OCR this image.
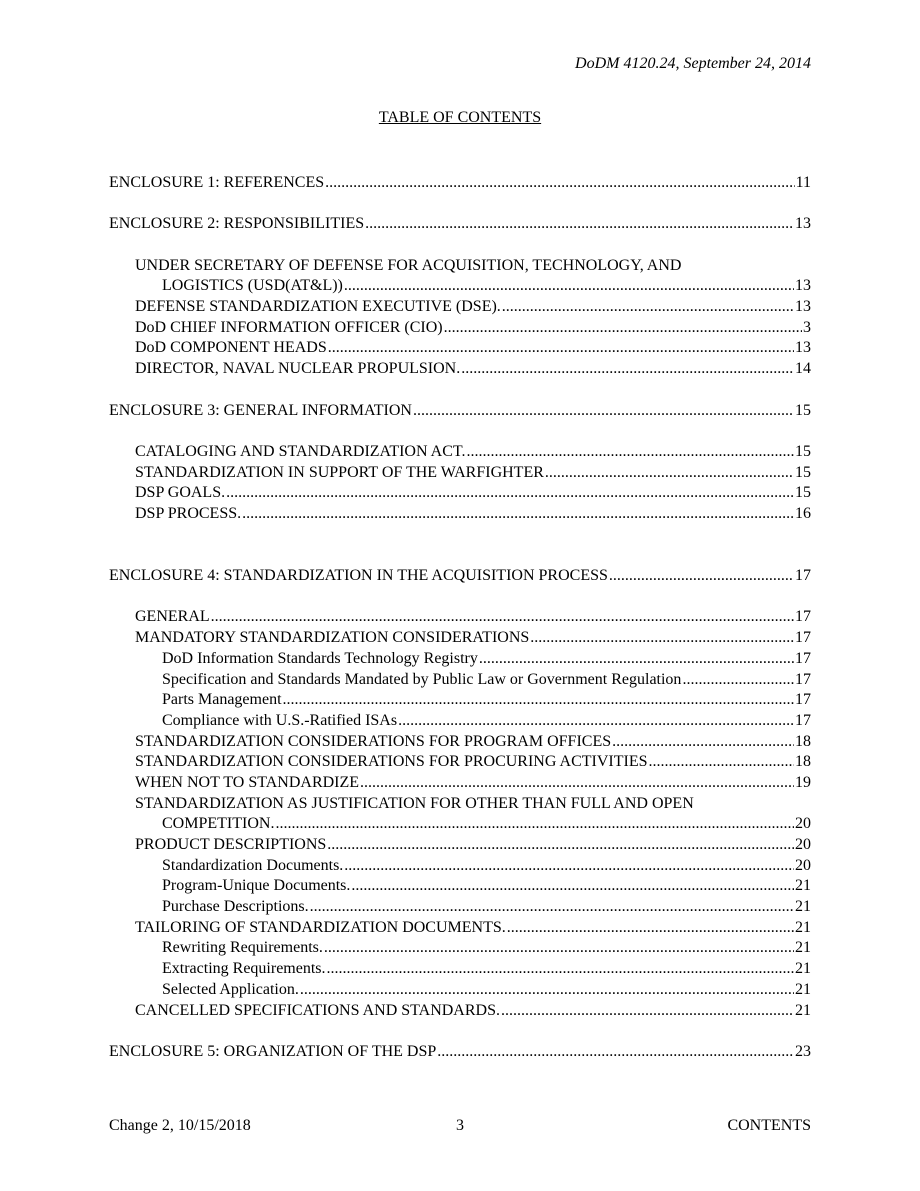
DoDM 4120.24, September 24, 2014
TABLE OF CONTENTS
ENCLOSURE 1: REFERENCES .....	11
ENCLOSURE 2: RESPONSIBILITIES .....	13
UNDER SECRETARY OF DEFENSE FOR ACQUISITION, TECHNOLOGY, AND
LOGISTICS (USD(AT&L)) .....	13
DEFENSE STANDARDIZATION EXECUTIVE (DSE). .....	13
DoD CHIEF INFORMATION OFFICER (CIO) .....	3
DoD COMPONENT HEADS .....	13
DIRECTOR, NAVAL NUCLEAR PROPULSION. .....	14
ENCLOSURE 3: GENERAL INFORMATION .....	15
CATALOGING AND STANDARDIZATION ACT. .....	15
STANDARDIZATION IN SUPPORT OF THE WARFIGHTER .....	15
DSP GOALS. .....	15
DSP PROCESS. .....	16
ENCLOSURE 4: STANDARDIZATION IN THE ACQUISITION PROCESS .....	17
GENERAL .....	17
MANDATORY STANDARDIZATION CONSIDERATIONS .....	17
DoD Information Standards Technology Registry .....	17
Specification and Standards Mandated by Public Law or Government Regulation .....	17
Parts Management .....	17
Compliance with U.S.-Ratified ISAs .....	17
STANDARDIZATION CONSIDERATIONS FOR PROGRAM OFFICES .....	18
STANDARDIZATION CONSIDERATIONS FOR PROCURING ACTIVITIES .....	18
WHEN NOT TO STANDARDIZE .....	19
STANDARDIZATION AS JUSTIFICATION FOR OTHER THAN FULL AND OPEN
COMPETITION. .....	20
PRODUCT DESCRIPTIONS .....	20
Standardization Documents. .....	20
Program-Unique Documents. .....	21
Purchase Descriptions. .....	21
TAILORING OF STANDARDIZATION DOCUMENTS. .....	21
Rewriting Requirements. .....	21
Extracting Requirements. .....	21
Selected Application. .....	21
CANCELLED SPECIFICATIONS AND STANDARDS. .....	21
ENCLOSURE 5: ORGANIZATION OF THE DSP .....	23
Change 2, 10/15/2018	3	CONTENTS
